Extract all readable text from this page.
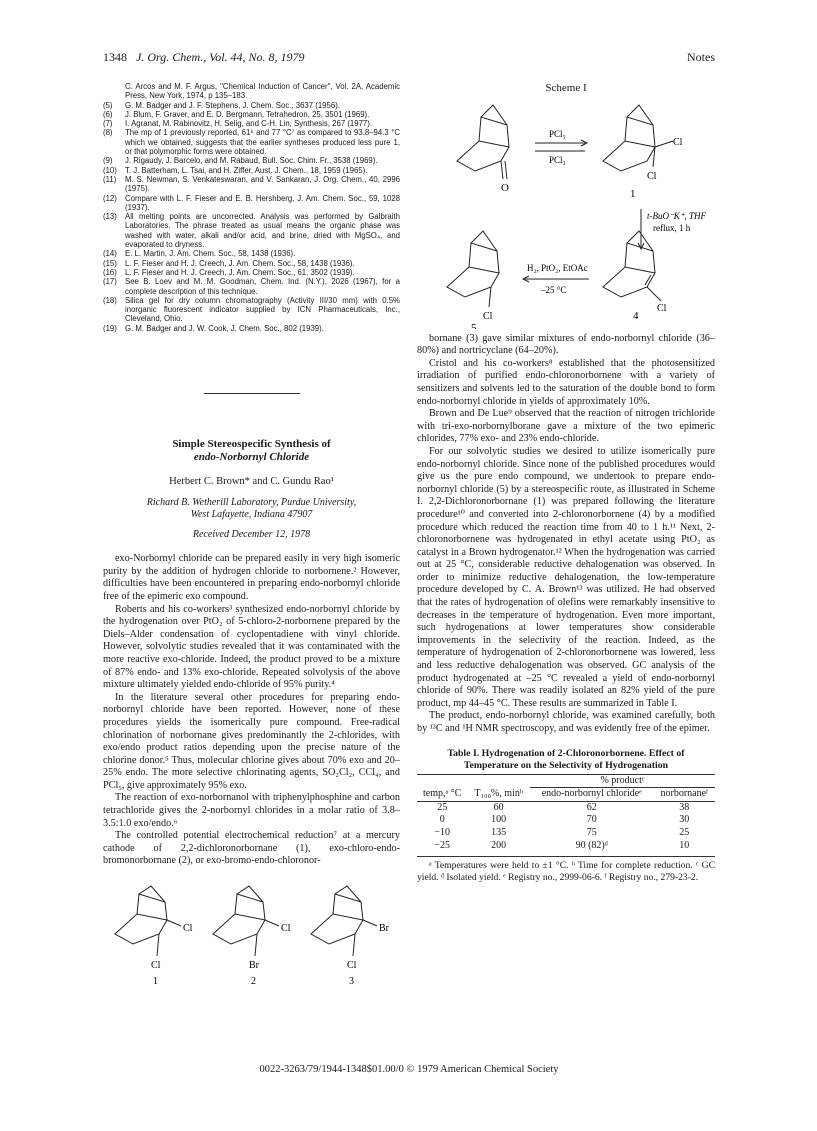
1348 J. Org. Chem., Vol. 44, No. 8, 1979	Notes

C. Arcos and M. F. Argus, "Chemical Induction of Cancer", Vol. 2A, Academic Press, New York, 1974, p 135–183.

(5) G. M. Badger and J. F. Stephens, J. Chem. Soc., 3637 (1956).

(6) J. Blum, F. Graver, and E. D. Bergmann, Tetrahedron, 25, 3501 (1969).

(7) I. Agranat, M. Rabinovitz, H. Selig, and C-H. Lin, Synthesis, 267 (1977).

(8) The mp of 1 previously reported, 61⁶ and 77 °C⁷ as compared to 93.8–94.3 °C which we obtained, suggests that the earlier syntheses produced less pure 1, or that polymorphic forms were obtained.

(9) J. Rigaudy, J. Barcelo, and M. Rabaud, Bull. Soc. Chim. Fr., 3538 (1969).

(10) T. J. Batterham, L. Tsai, and H. Ziffer, Aust. J. Chem., 18, 1959 (1965).

(11) M. S. Newman, S. Venkateswaran, and V. Sankaran, J. Org. Chem., 40, 2996 (1975).

(12) Compare with L. F. Fieser and E. B. Hershberg, J. Am. Chem. Soc., 59, 1028 (1937).

(13) All melting points are uncorrected. Analysis was performed by Galbraith Laboratories. The phrase treated as usual means the organic phase was washed with water, alkali and/or acid, and brine, dried with MgSO₄, and evaporated to dryness.

(14) E. L. Martin, J. Am. Chem. Soc., 58, 1438 (1936).

(15) L. F. Fieser and H. J. Creech, J. Am. Chem. Soc., 58, 1438 (1936).

(16) L. F. Fieser and H. J. Creech, J. Am. Chem. Soc., 61, 3502 (1939).

(17) See B. Loev and M. M. Goodman, Chem. Ind. (N.Y.), 2026 (1967), for a complete description of this technique.

(18) Silica gel for dry column chromatography (Activity III/30 mm) with 0.5% inorganic fluorescent indicator supplied by ICN Pharmaceuticals, Inc., Cleveland, Ohio.

(19) G. M. Badger and J. W. Cook, J. Chem. Soc., 802 (1939).

Simple Stereospecific Synthesis of
endo-Norbornyl Chloride

Herbert C. Brown* and C. Gundu Rao¹

Richard B. Wetherill Laboratory, Purdue University,
West Lafayette, Indiana 47907

Received December 12, 1978

exo-Norbornyl chloride can be prepared easily in very high isomeric purity by the addition of hydrogen chloride to norbornene.² However, difficulties have been encountered in preparing endo-norbornyl chloride free of the epimeric exo compound.

Roberts and his co-workers³ synthesized endo-norbornyl chloride by the hydrogenation over PtO₂ of 5-chloro-2-norbornene prepared by the Diels–Alder condensation of cyclopentadiene with vinyl chloride. However, solvolytic studies revealed that it was contaminated with the more reactive exo-chloride. Indeed, the product proved to be a mixture of 87% endo- and 13% exo-chloride. Repeated solvolysis of the above mixture ultimately yielded endo-chloride of 95% purity.⁴

In the literature several other procedures for preparing endo-norbornyl chloride have been reported. However, none of these procedures yields the isomerically pure compound. Free-radical chlorination of norbornane gives predominantly the 2-chlorides, with exo/endo product ratios depending upon the precise nature of the chlorine donor.⁵ Thus, molecular chlorine gives about 70% exo and 20–25% endo. The more selective chlorinating agents, SO₂Cl₂, CCl₄, and PCl₅, give approximately 95% exo.

The reaction of exo-norbornanol with triphenylphosphine and carbon tetrachloride gives the 2-norbornyl chlorides in a molar ratio of 3.8–3.5:1.0 exo/endo.⁶

The controlled potential electrochemical reduction⁷ at a mercury cathode of 2,2-dichloronorbornane (1), exo-chloro-endo-bromonorbornane (2), or exo-bromo-endo-chloronor-

Cl
Cl
1
Cl
Br
2
Br
Cl
3

Scheme I

O
PCl₅
PCl₃
Cl
Cl
1
t-BuO⁻K⁺, THF
reflux, 1 h
Cl
4
H₂, PtO₂, EtOAc
–25 °C
Cl
5

bornane (3) gave similar mixtures of endo-norbornyl chloride (36–80%) and nortricyclane (64–20%).

Cristol and his co-workers⁸ established that the photosensitized irradiation of purified endo-chloronorbornene with a variety of sensitizers and solvents led to the saturation of the double bond to form endo-norbornyl chloride in yields of approximately 10%.

Brown and De Lue⁹ observed that the reaction of nitrogen trichloride with tri-exo-norbornylborane gave a mixture of the two epimeric chlorides, 77% exo- and 23% endo-chloride.

For our solvolytic studies we desired to utilize isomerically pure endo-norbornyl chloride. Since none of the published procedures would give us the pure endo compound, we undertook to prepare endo-norbornyl chloride (5) by a stereospecific route, as illustrated in Scheme I. 2,2-Dichloronorbornane (1) was prepared following the literature procedure¹⁰ and converted into 2-chloronorbornene (4) by a modified procedure which reduced the reaction time from 40 to 1 h.¹¹ Next, 2-chloronorbornene was hydrogenated in ethyl acetate using PtO₂ as catalyst in a Brown hydrogenator.¹² When the hydrogenation was carried out at 25 °C, considerable reductive dehalogenation was observed. In order to minimize reductive dehalogenation, the low-temperature procedure developed by C. A. Brown¹³ was utilized. He had observed that the rates of hydrogenation of olefins were remarkably insensitive to decreases in the temperature of hydrogenation. Even more important, such hydrogenations at lower temperatures show considerable improvements in the selectivity of the reaction. Indeed, as the temperature of hydrogenation of 2-chloronorbornene was lowered, less and less reductive dehalogenation was observed. GC analysis of the product hydrogenated at –25 °C revealed a yield of endo-norbornyl chloride of 90%. There was readily isolated an 82% yield of the pure product, mp 44–45 °C. These results are summarized in Table I.

The product, endo-norbornyl chloride, was examined carefully, both by ¹³C and ¹H NMR spectroscopy, and was evidently free of the epimer.

Table I. Hydrogenation of 2-Chloronorbornene. Effect of
Temperature on the Selectivity of Hydrogenation

		% productᶜ	
temp,ᵃ °C	T₁₀₀%, minᵇ	endo-norbornyl chlorideᵉ	norbornaneᶠ
25	60	62	38
0	100	70	30
−10	135	75	25
−25	200	90 (82)ᵈ	10

ᵃ Temperatures were held to ±1 °C. ᵇ Time for complete reduction. ᶜ GC yield. ᵈ Isolated yield. ᵉ Registry no., 2999-06-6. ᶠ Registry no., 279-23-2.

0022-3263/79/1944-1348$01.00/0 © 1979 American Chemical Society
